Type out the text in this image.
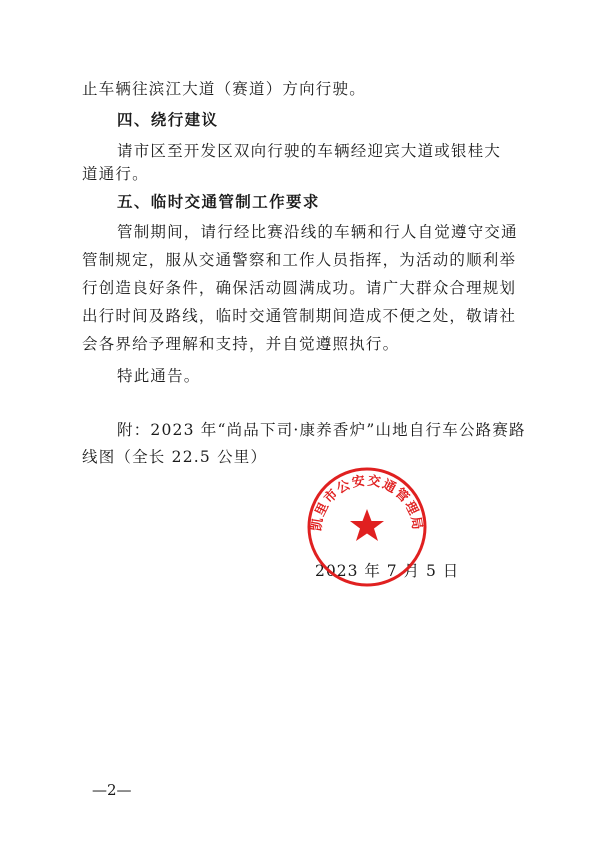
止车辆往滨江大道（赛道）方向行驶。
四、绕行建议
请市区至开发区双向行驶的车辆经迎宾大道或银桂大
道通行。
五、临时交通管制工作要求
管制期间，请行经比赛沿线的车辆和行人自觉遵守交通
管制规定，服从交通警察和工作人员指挥，为活动的顺利举
行创造良好条件，确保活动圆满成功。请广大群众合理规划
出行时间及路线，临时交通管制期间造成不便之处，敬请社
会各界给予理解和支持，并自觉遵照执行。
特此通告。
附：2023 年“尚品下司·康养香炉”山地自行车公路赛路
线图（全长 22.5 公里）
2023 年 7 月 5 日
凯里市公安交通管理局
—2—
